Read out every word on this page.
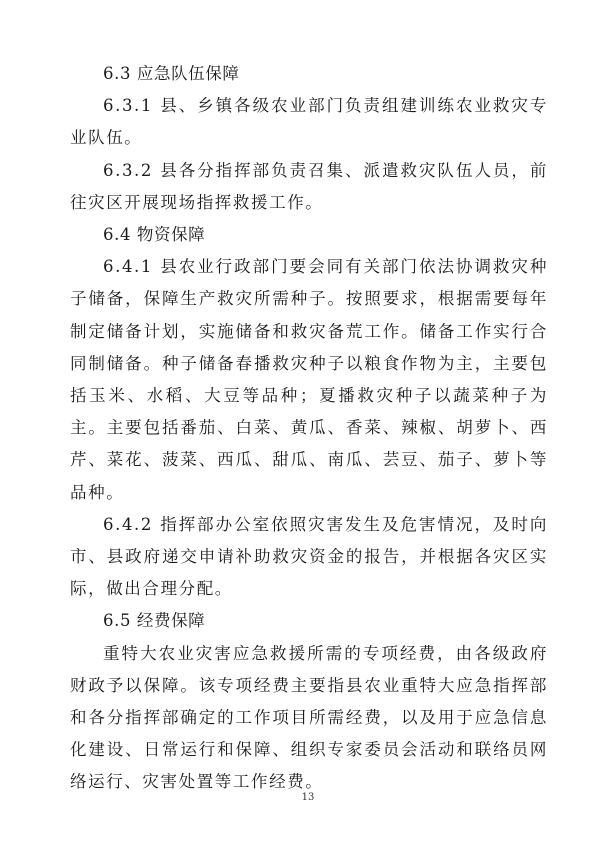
6.3 应急队伍保障

6.3.1 县、乡镇各级农业部门负责组建训练农业救灾专业队伍。

6.3.2 县各分指挥部负责召集、派遣救灾队伍人员，前往灾区开展现场指挥救援工作。

6.4 物资保障

6.4.1 县农业行政部门要会同有关部门依法协调救灾种子储备，保障生产救灾所需种子。按照要求，根据需要每年制定储备计划，实施储备和救灾备荒工作。储备工作实行合同制储备。种子储备春播救灾种子以粮食作物为主，主要包括玉米、水稻、大豆等品种；夏播救灾种子以蔬菜种子为主。主要包括番茄、白菜、黄瓜、香菜、辣椒、胡萝卜、西芹、菜花、菠菜、西瓜、甜瓜、南瓜、芸豆、茄子、萝卜等品种。

6.4.2 指挥部办公室依照灾害发生及危害情况，及时向市、县政府递交申请补助救灾资金的报告，并根据各灾区实际，做出合理分配。

6.5 经费保障

重特大农业灾害应急救援所需的专项经费，由各级政府财政予以保障。该专项经费主要指县农业重特大应急指挥部和各分指挥部确定的工作项目所需经费，以及用于应急信息化建设、日常运行和保障、组织专家委员会活动和联络员网络运行、灾害处置等工作经费。

13
